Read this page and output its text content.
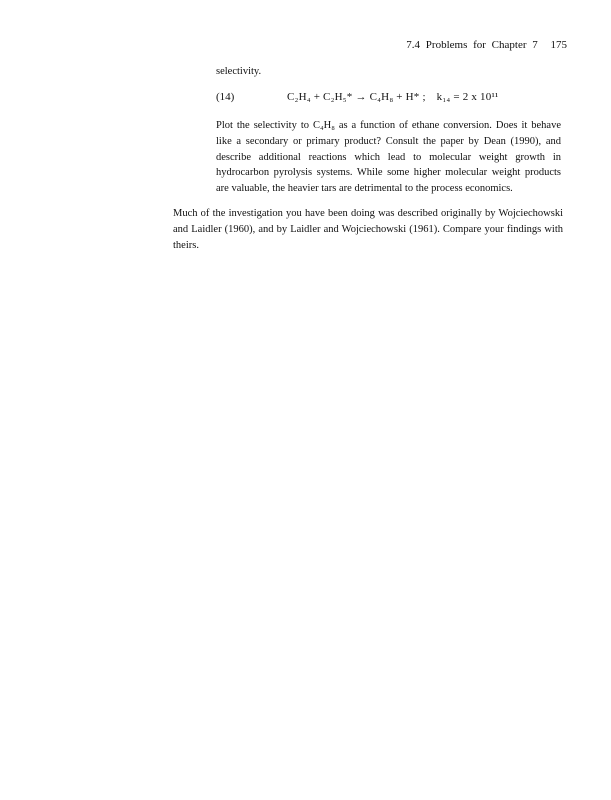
7.4 Problems for Chapter 7 175
selectivity.
(14)	C₂H₄ + C₂H₅* → C₄H₈ + H* ; k₁₄ = 2 x 10¹¹

Plot the selectivity to C₄H₈ as a function of ethane conversion. Does it behave like a secondary or primary product? Consult the paper by Dean (1990), and describe additional reactions which lead to molecular weight growth in hydrocarbon pyrolysis systems. While some higher molecular weight products are valuable, the heavier tars are detrimental to the process economics.

Much of the investigation you have been doing was described originally by Wojciechowski and Laidler (1960), and by Laidler and Wojciechowski (1961). Compare your findings with theirs.
